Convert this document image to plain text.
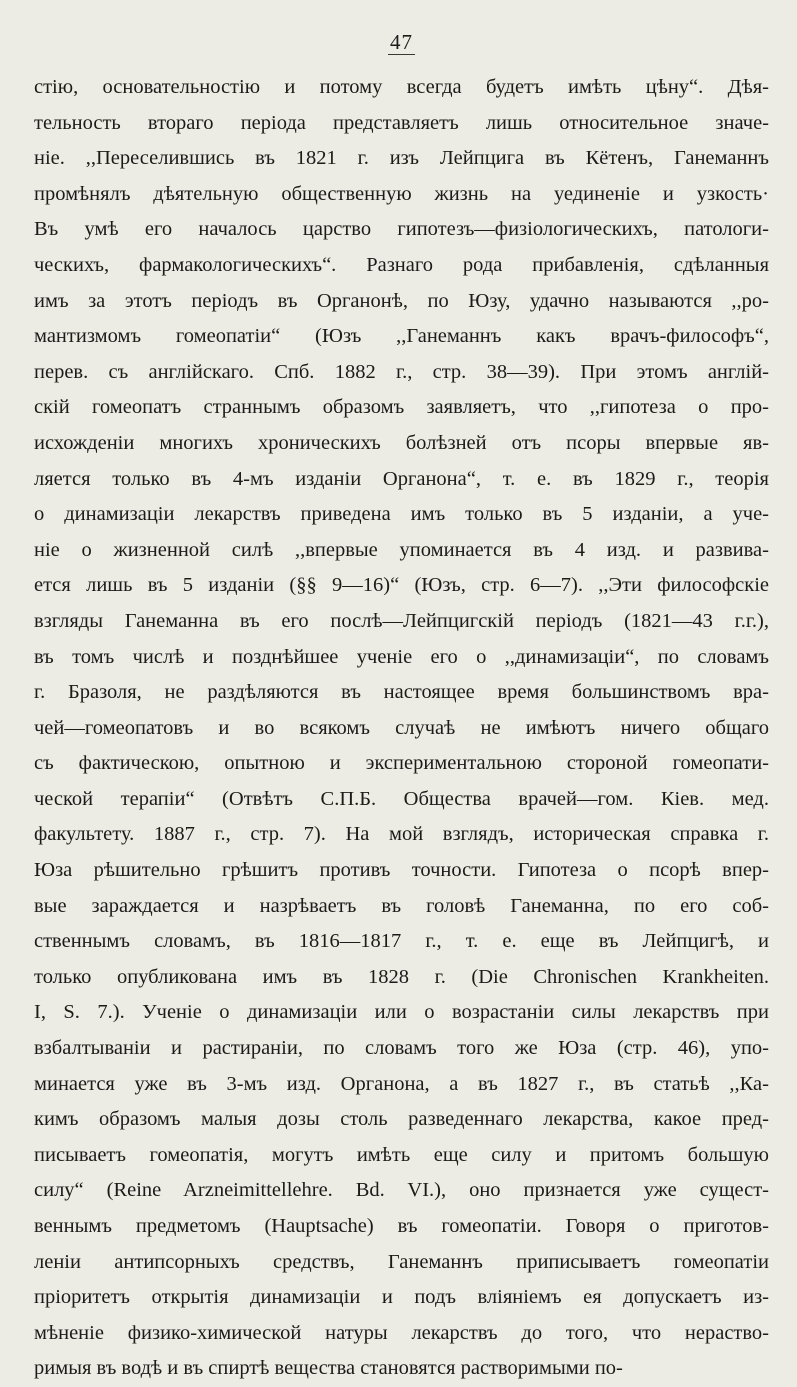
47
стію, основательностію и потому всегда будетъ имѣть цѣну“. Дѣя-
тельность втораго періода представляетъ лишь относительное значе-
ніе. ,,Переселившись въ 1821 г. изъ Лейпцига въ Кётенъ, Ганеманнъ
промѣнялъ дѣятельную общественную жизнь на уединеніе и узкость·
Въ умѣ его началось царство гипотезъ—физіологическихъ, патологи-
ческихъ, фармакологическихъ“. Разнаго рода прибавленія, сдѣланныя
имъ за этотъ періодъ въ Органонѣ, по Юзу, удачно называются ,,ро-
мантизмомъ гомеопатіи“ (Юзъ ,,Ганеманнъ какъ врачъ-философъ“,
перев. съ англійскаго. Спб. 1882 г., стр. 38—39). При этомъ англій-
скій гомеопатъ страннымъ образомъ заявляетъ, что ,,гипотеза о про-
исхожденіи многихъ хроническихъ болѣзней отъ псоры впервые яв-
ляется только въ 4-мъ изданіи Органона“, т. е. въ 1829 г., теорія
о динамизаціи лекарствъ приведена имъ только въ 5 изданіи, а уче-
ніе о жизненной силѣ ,,впервые упоминается въ 4 изд. и развива-
ется лишь въ 5 изданіи (§§ 9—16)“ (Юзъ, стр. 6—7). ,,Эти философскіе
взгляды Ганеманна въ его послѣ—Лейпцигскій періодъ (1821—43 г.г.),
въ томъ числѣ и позднѣйшее ученіе его о ,,динамизаціи“, по словамъ
г. Бразоля, не раздѣляются въ настоящее время большинствомъ вра-
чей—гомеопатовъ и во всякомъ случаѣ не имѣютъ ничего общаго
съ фактическою, опытною и экспериментальною стороной гомеопати-
ческой терапіи“ (Отвѣтъ С.П.Б. Общества врачей—гом. Кіев. мед.
факультету. 1887 г., стр. 7). На мой взглядъ, историческая справка г.
Юза рѣшительно грѣшитъ противъ точности. Гипотеза о псорѣ впер-
вые зараждается и назрѣваетъ въ головѣ Ганеманна, по его соб-
ственнымъ словамъ, въ 1816—1817 г., т. е. еще въ Лейпцигѣ, и
только опубликована имъ въ 1828 г. (Die Chronischen Krankheiten.
I, S. 7.). Ученіе о динамизаціи или о возрастаніи силы лекарствъ при
взбалтываніи и растираніи, по словамъ того же Юза (стр. 46), упо-
минается уже въ 3-мъ изд. Органона, а въ 1827 г., въ статьѣ ,,Ка-
кимъ образомъ малыя дозы столь разведеннаго лекарства, какое пред-
писываетъ гомеопатія, могутъ имѣть еще силу и притомъ большую
силу“ (Reine Arzneimittellehre. Bd. VI.), оно признается уже сущест-
веннымъ предметомъ (Hauptsache) въ гомеопатіи. Говоря о приготов-
леніи антипсорныхъ средствъ, Ганеманнъ приписываетъ гомеопатіи
пріоритетъ открытія динамизаціи и подъ вліяніемъ ея допускаетъ из-
мѣненіе физико-химической натуры лекарствъ до того, что нераство-
римыя въ водѣ и въ спиртѣ вещества становятся растворимыми по-
